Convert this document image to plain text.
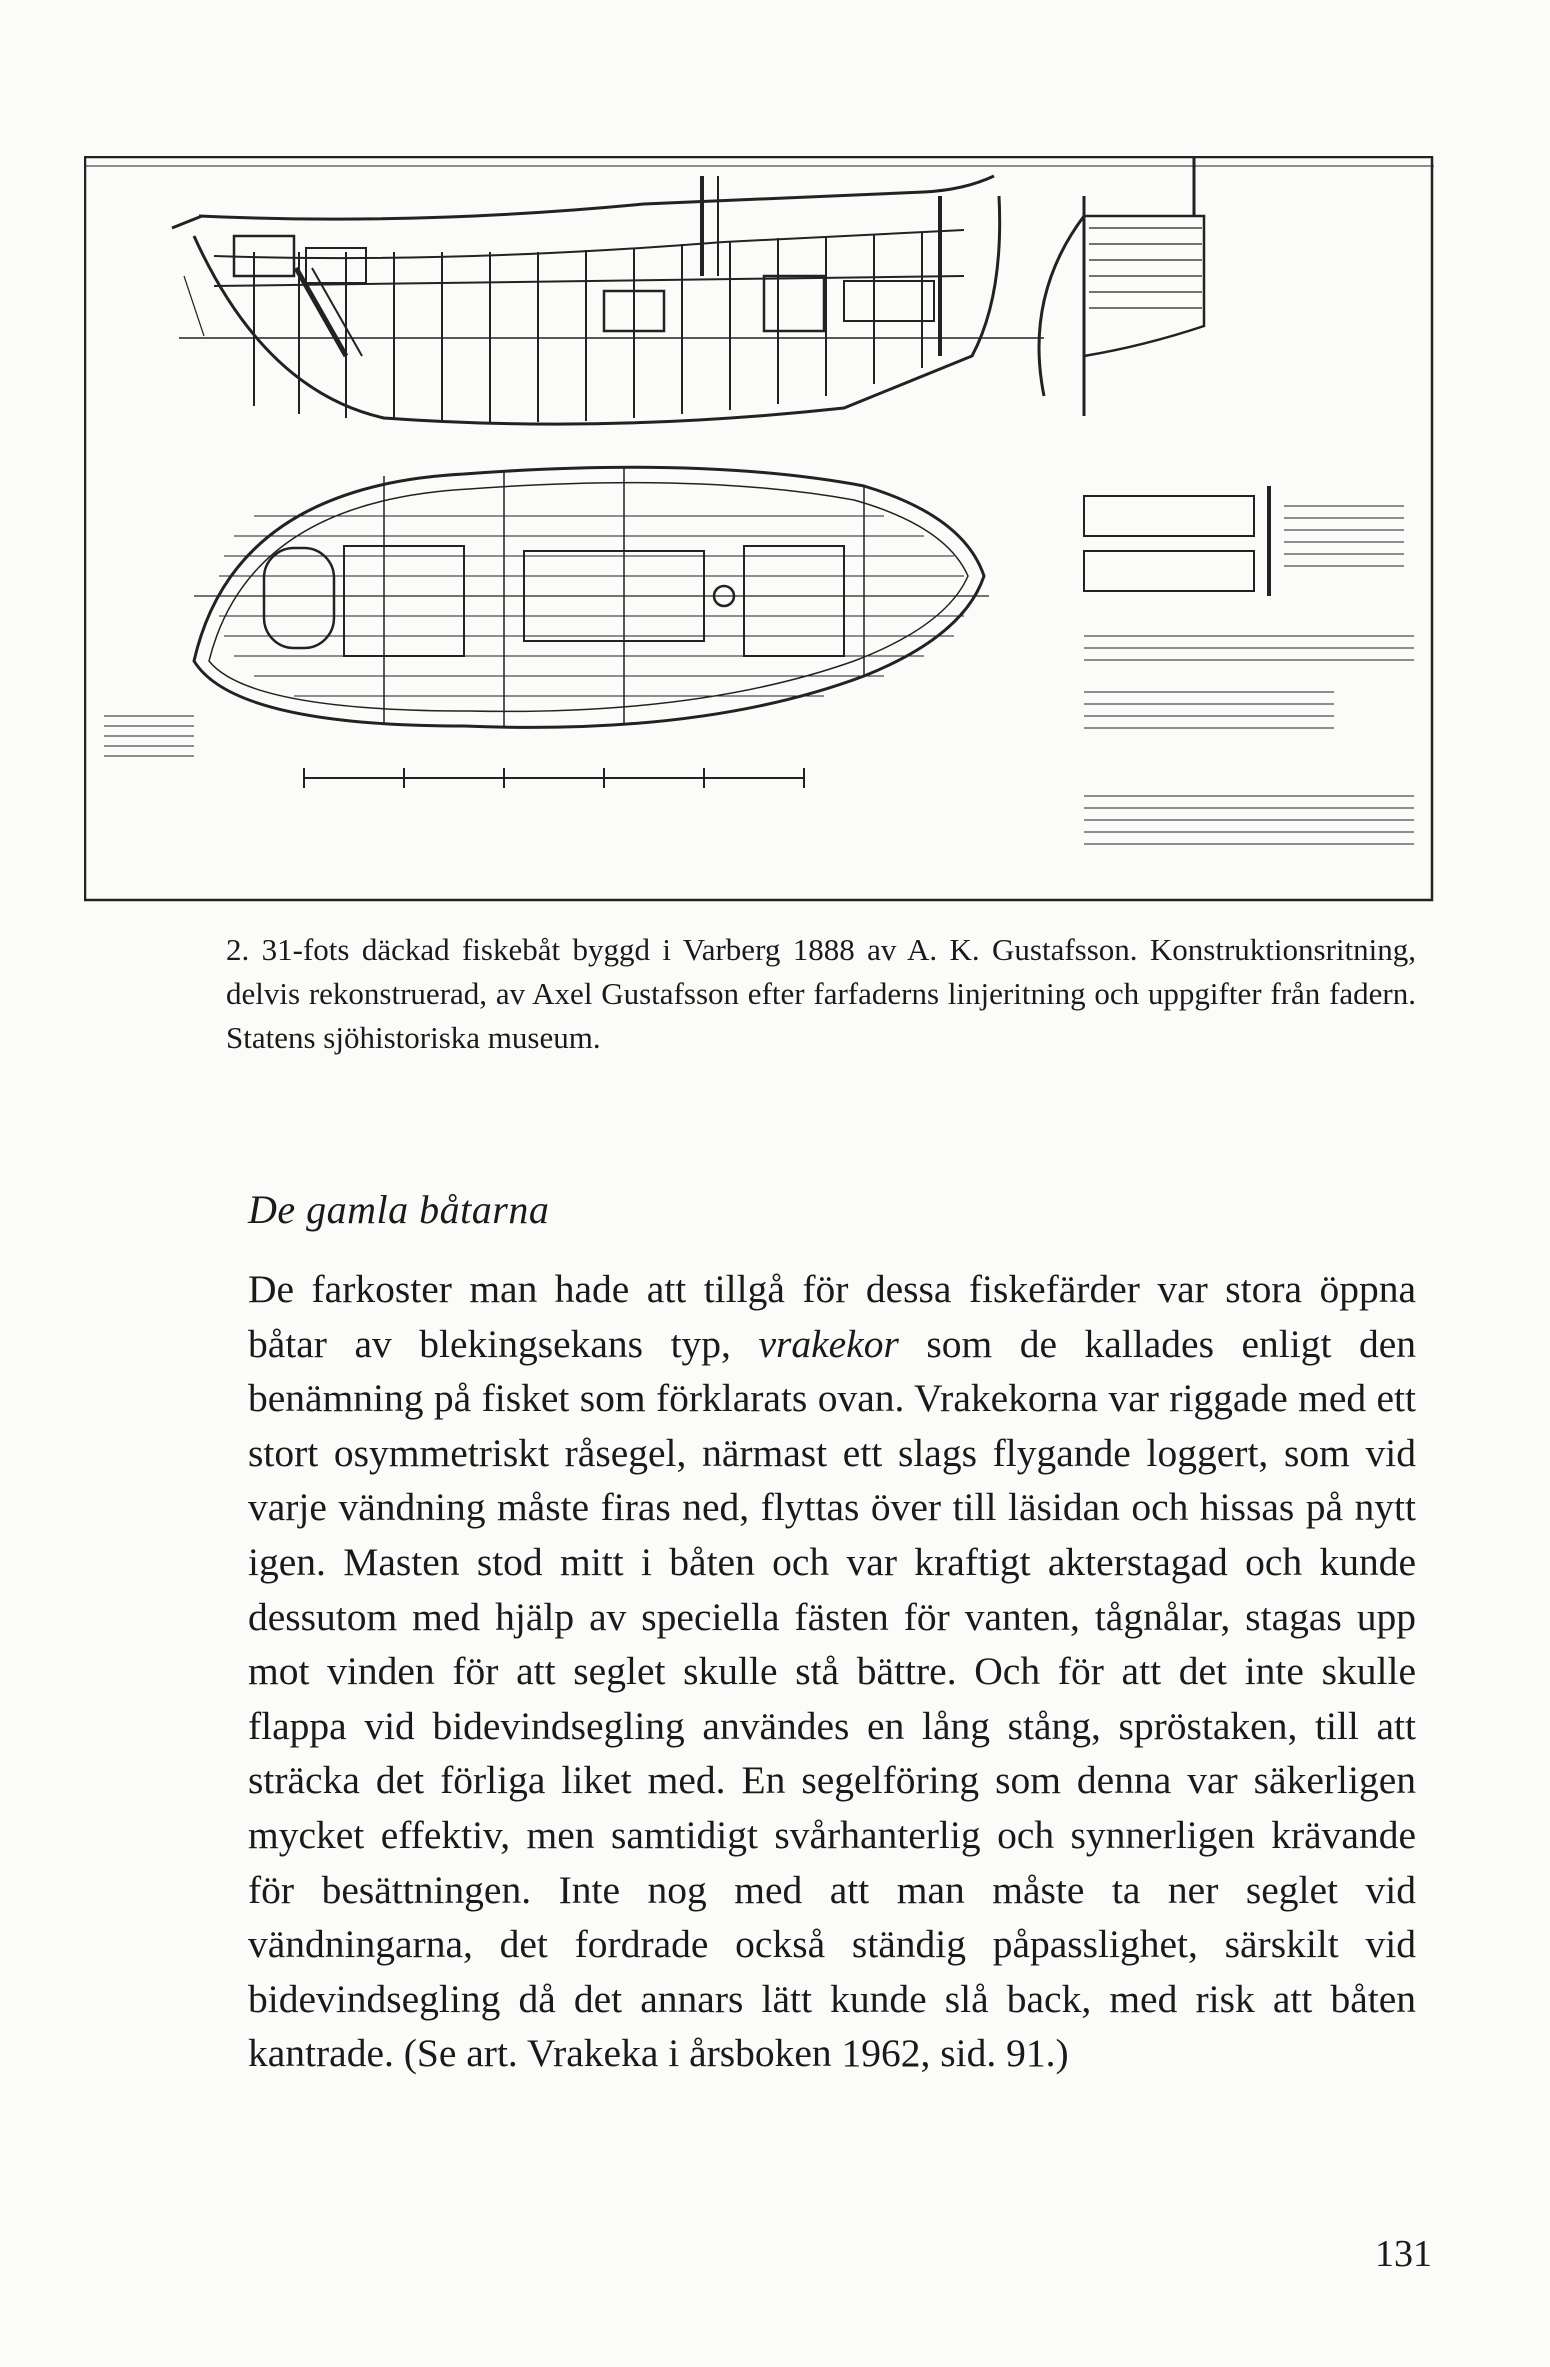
2. 31-fots däckad fiskebåt byggd i Varberg 1888 av A. K. Gustafsson. Konstruktionsritning, delvis rekonstruerad, av Axel Gustafsson efter farfaderns linjeritning och uppgifter från fadern. Statens sjöhistoriska museum.

De gamla båtarna

De farkoster man hade att tillgå för dessa fiskefärder var stora öppna båtar av blekingsekans typ, vrakekor som de kallades enligt den benämning på fisket som förklarats ovan. Vrakekorna var riggade med ett stort osymmetriskt råsegel, närmast ett slags flygande loggert, som vid varje vändning måste firas ned, flyttas över till läsidan och hissas på nytt igen. Masten stod mitt i båten och var kraftigt akterstagad och kunde dessutom med hjälp av speciella fästen för vanten, tågnålar, stagas upp mot vinden för att seglet skulle stå bättre. Och för att det inte skulle flappa vid bidevindsegling användes en lång stång, spröstaken, till att sträcka det förliga liket med. En segelföring som denna var säkerligen mycket effektiv, men samtidigt svårhanterlig och synnerligen krävande för besättningen. Inte nog med att man måste ta ner seglet vid vändningarna, det fordrade också ständig påpasslighet, särskilt vid bidevindsegling då det annars lätt kunde slå back, med risk att båten kantrade. (Se art. Vrakeka i årsboken 1962, sid. 91.)

131
